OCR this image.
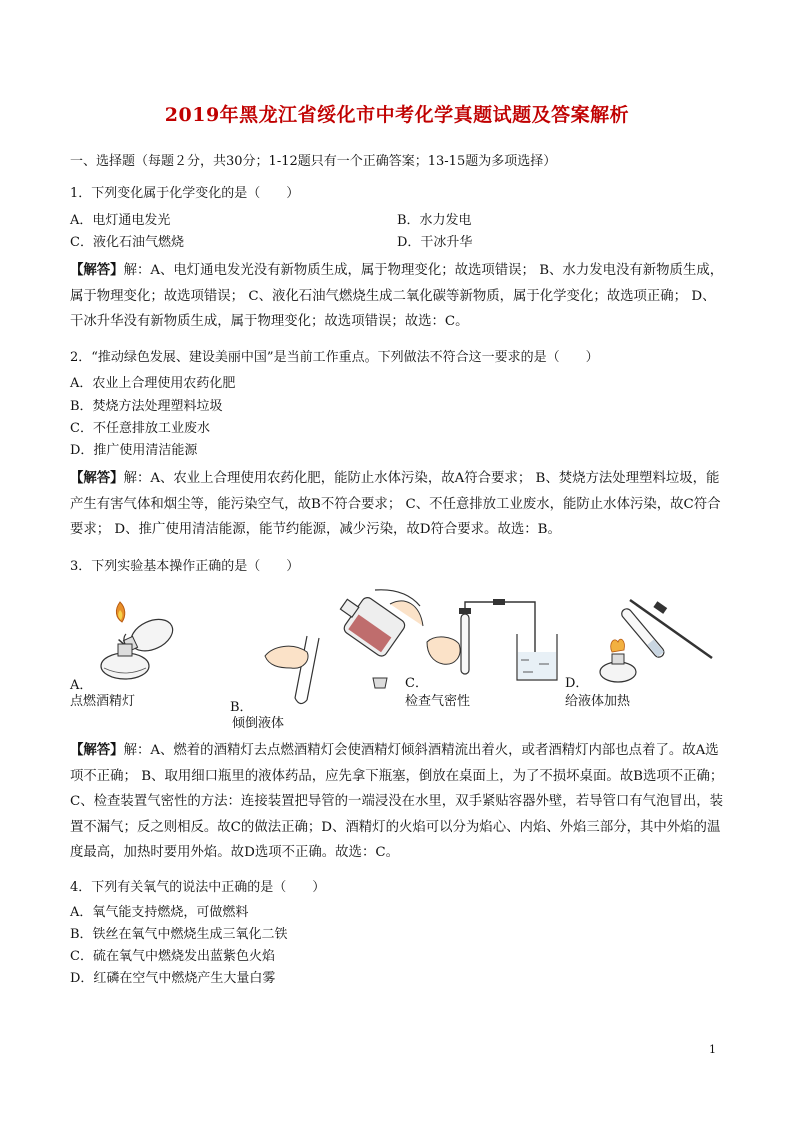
2019年黑龙江省绥化市中考化学真题试题及答案解析
一、选择题（每题２分，共30分；1-12题只有一个正确答案；13-15题为多项选择）
1．下列变化属于化学变化的是（　　）
A．电灯通电发光	B．水力发电
C．液化石油气燃烧	D．干冰升华
【解答】解：A、电灯通电发光没有新物质生成，属于物理变化；故选项错误； B、水力发电没有新物质生成，属于物理变化；故选项错误； C、液化石油气燃烧生成二氧化碳等新物质，属于化学变化；故选项正确； D、干冰升华没有新物质生成，属于物理变化；故选项错误；故选：C。
2．“推动绿色发展、建设美丽中国”是当前工作重点。下列做法不符合这一要求的是（　　）
A．农业上合理使用农药化肥
B．焚烧方法处理塑料垃圾
C．不任意排放工业废水
D．推广使用清洁能源
【解答】解：A、农业上合理使用农药化肥，能防止水体污染，故A符合要求； B、焚烧方法处理塑料垃圾，能产生有害气体和烟尘等，能污染空气，故B不符合要求； C、不任意排放工业废水，能防止水体污染，故C符合要求； D、推广使用清洁能源，能节约能源，减少污染，故D符合要求。故选：B。
3．下列实验基本操作正确的是（　　）
A．
点燃酒精灯	B．
倾倒液体
C．
检查气密性
D．
给液体加热
【解答】解：A、燃着的酒精灯去点燃酒精灯会使酒精灯倾斜酒精流出着火，或者酒精灯内部也点着了。故A选项不正确； B、取用细口瓶里的液体药品，应先拿下瓶塞，倒放在桌面上，为了不损坏桌面。故B选项不正确； C、检查装置气密性的方法：连接装置把导管的一端浸没在水里，双手紧贴容器外壁，若导管口有气泡冒出，装置不漏气；反之则相反。故C的做法正确；D、酒精灯的火焰可以分为焰心、内焰、外焰三部分，其中外焰的温度最高，加热时要用外焰。故D选项不正确。故选：C。
4．下列有关氧气的说法中正确的是（　　）
A．氧气能支持燃烧，可做燃料
B．铁丝在氧气中燃烧生成三氧化二铁
C．硫在氧气中燃烧发出蓝紫色火焰
D．红磷在空气中燃烧产生大量白雾
1
